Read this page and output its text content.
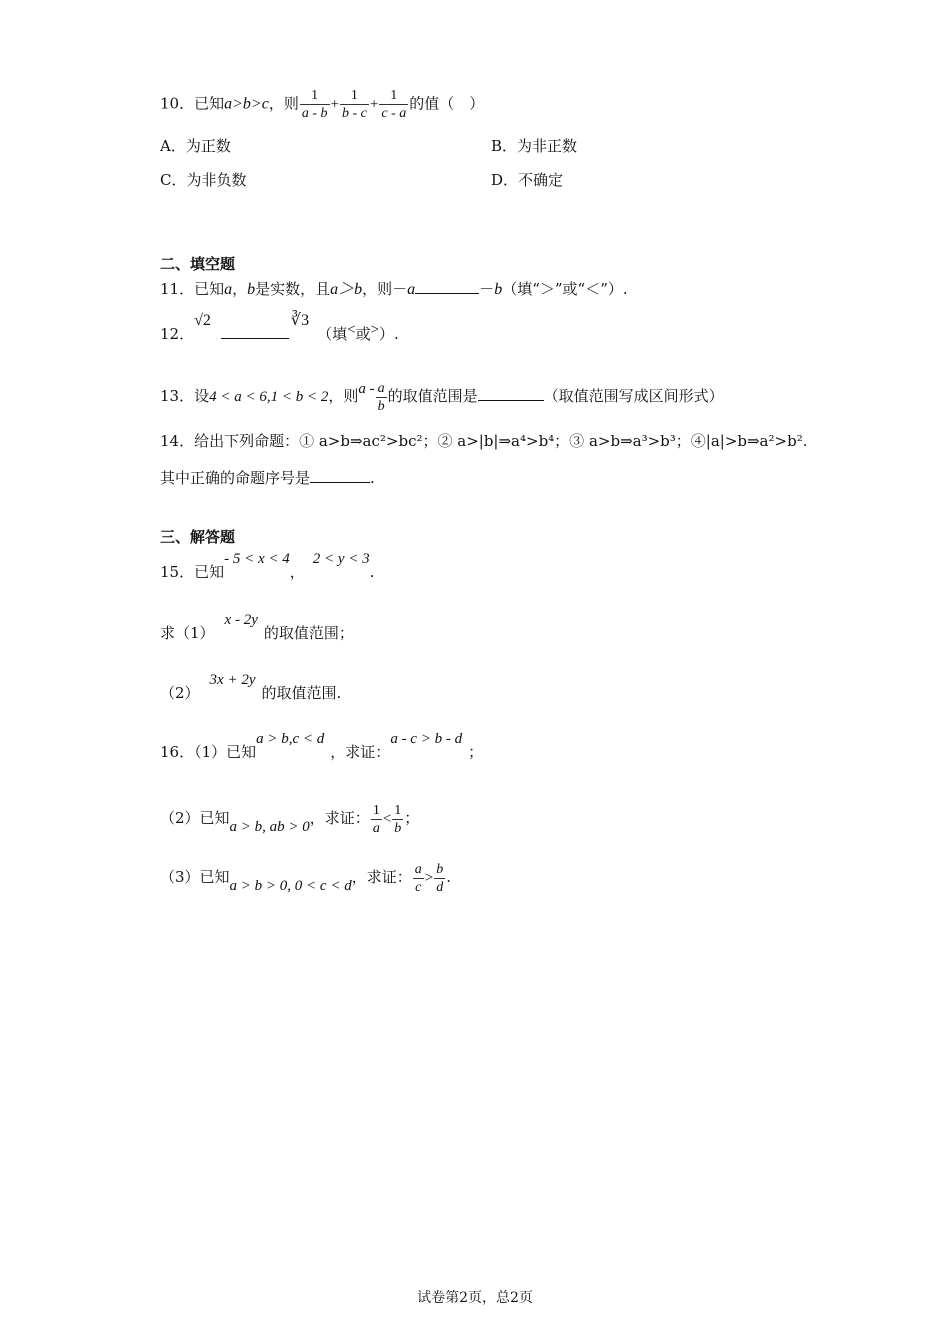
10．已知a>b>c，则 $\frac{1}{a - b} + \frac{1}{b - c} + \frac{1}{c - a}$ 的值（　）
A．为正数	B．为非正数
C．为非负数	D．不确定
二、填空题
11．已知a，b是实数，且a＞b，则－a	－b（填“＞”或“＜”）.
12．√2	∛3（填<或>）.
13．设4 < a < 6,1 < b < 2，则a - $\frac{a}{b}$ 的取值范围是	（取值范围写成区间形式）
14．给出下列命题：① a>b⇒ac²>bc²；② a>|b|⇒a⁴>b⁴；③ a>b⇒a³>b³；④|a|>b⇒a²>b².
其中正确的命题序号是	.
三、解答题
15．已知- 5 < x < 4，2 < y < 3.
求（1）x - 2y的取值范围；
（2）3x + 2y的取值范围.
16．（1）已知a > b,c < d，求证：a - c > b - d；
（2）已知a > b, ab > 0，求证： $\frac{1}{a} < \frac{1}{b}$ ；
（3）已知a > b > 0, 0 < c < d，求证： $\frac{a}{c} > \frac{b}{d}$ .
试卷第2页，总2页
